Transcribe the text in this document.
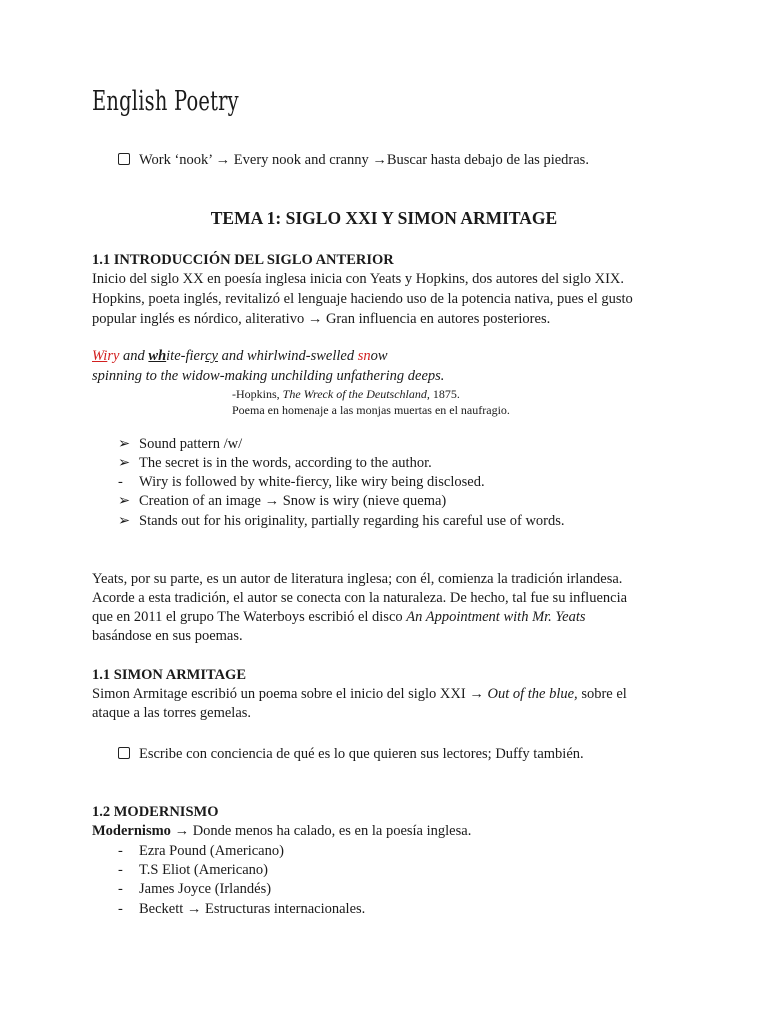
English Poetry
Work ‘nook’ → Every nook and cranny →Buscar hasta debajo de las piedras.
TEMA 1: SIGLO XXI Y SIMON ARMITAGE
1.1 INTRODUCCIÓN DEL SIGLO ANTERIOR
Inicio del siglo XX en poesía inglesa inicia con Yeats y Hopkins, dos autores del siglo XIX.
Hopkins, poeta inglés, revitalizó el lenguaje haciendo uso de la potencia nativa, pues el gusto
popular inglés es nórdico, aliterativo → Gran influencia en autores posteriores.
Wiry and white-fiercy and whirlwind-swelled snow
spinning to the widow-making unchilding unfathering deeps.
-Hopkins, The Wreck of the Deutschland, 1875.
Poema en homenaje a las monjas muertas en el naufragio.
➢ Sound pattern /w/
➢ The secret is in the words, according to the author.
- Wiry is followed by white-fiercy, like wiry being disclosed.
➢ Creation of an image → Snow is wiry (nieve quema)
➢ Stands out for his originality, partially regarding his careful use of words.
Yeats, por su parte, es un autor de literatura inglesa; con él, comienza la tradición irlandesa.
Acorde a esta tradición, el autor se conecta con la naturaleza. De hecho, tal fue su influencia
que en 2011 el grupo The Waterboys escribió el disco An Appointment with Mr. Yeats
basándose en sus poemas.
1.1 SIMON ARMITAGE
Simon Armitage escribió un poema sobre el inicio del siglo XXI → Out of the blue, sobre el
ataque a las torres gemelas.
Escribe con conciencia de qué es lo que quieren sus lectores; Duffy también.
1.2 MODERNISMO
Modernismo → Donde menos ha calado, es en la poesía inglesa.
- Ezra Pound (Americano)
- T.S Eliot (Americano)
- James Joyce (Irlandés)
- Beckett → Estructuras internacionales.
